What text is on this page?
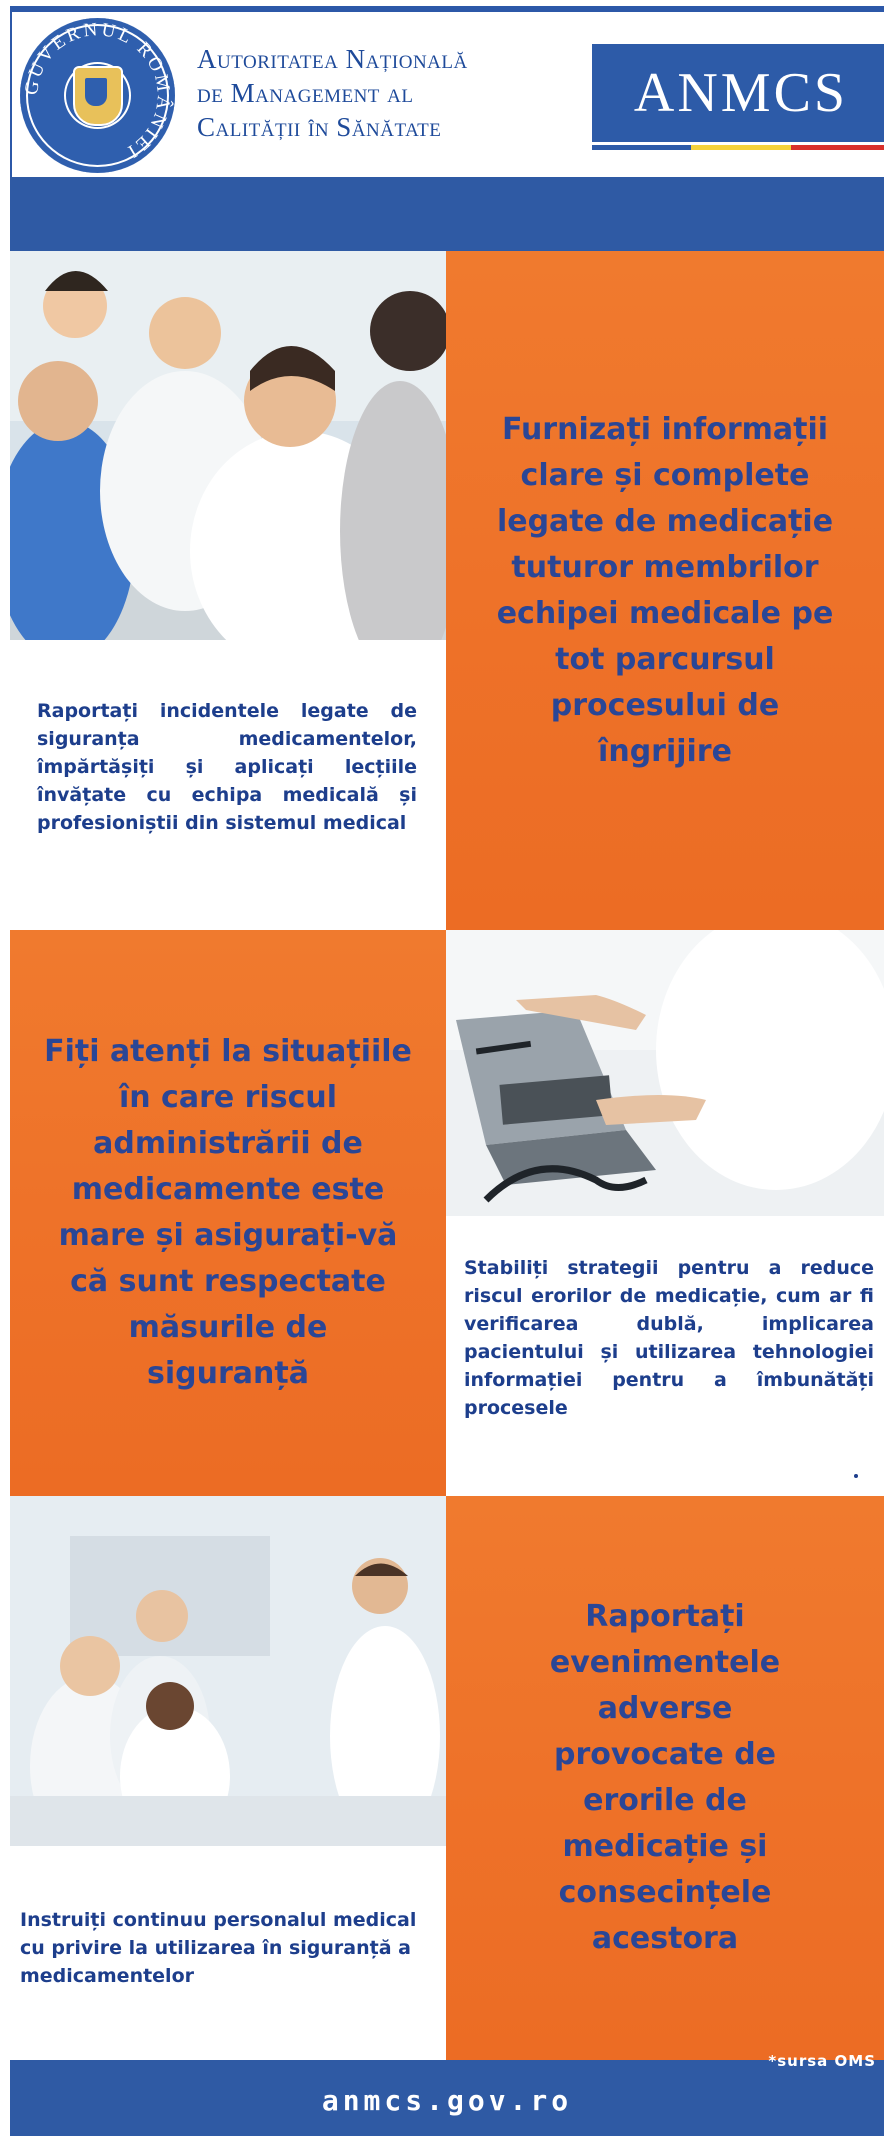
GUVERNUL ROMÂNIEI
Autoritatea Națională
de Management al
Calității în Sănătate
ANMCS
Raportați incidentele legate de siguranța medicamentelor, împărtășiți și aplicați lecțiile învățate cu echipa medicală și profesioniștii din sistemul medical
Furnizați informații clare și complete legate de medicație tuturor membrilor echipei medicale pe tot parcursul procesului de îngrijire
Fiți atenți la situațiile în care riscul administrării de medicamente este mare și asigurați-vă că sunt respectate măsurile de siguranță
Stabiliți strategii pentru a reduce riscul erorilor de medicație, cum ar fi verificarea dublă, implicarea pacientului și utilizarea tehnologiei informației pentru a îmbunătăți procesele
Instruiți continuu personalul medical cu privire la utilizarea în siguranță a medicamentelor
Raportați evenimentele adverse provocate de erorile de medicație și consecințele acestora
*sursa OMS
anmcs.gov.ro
